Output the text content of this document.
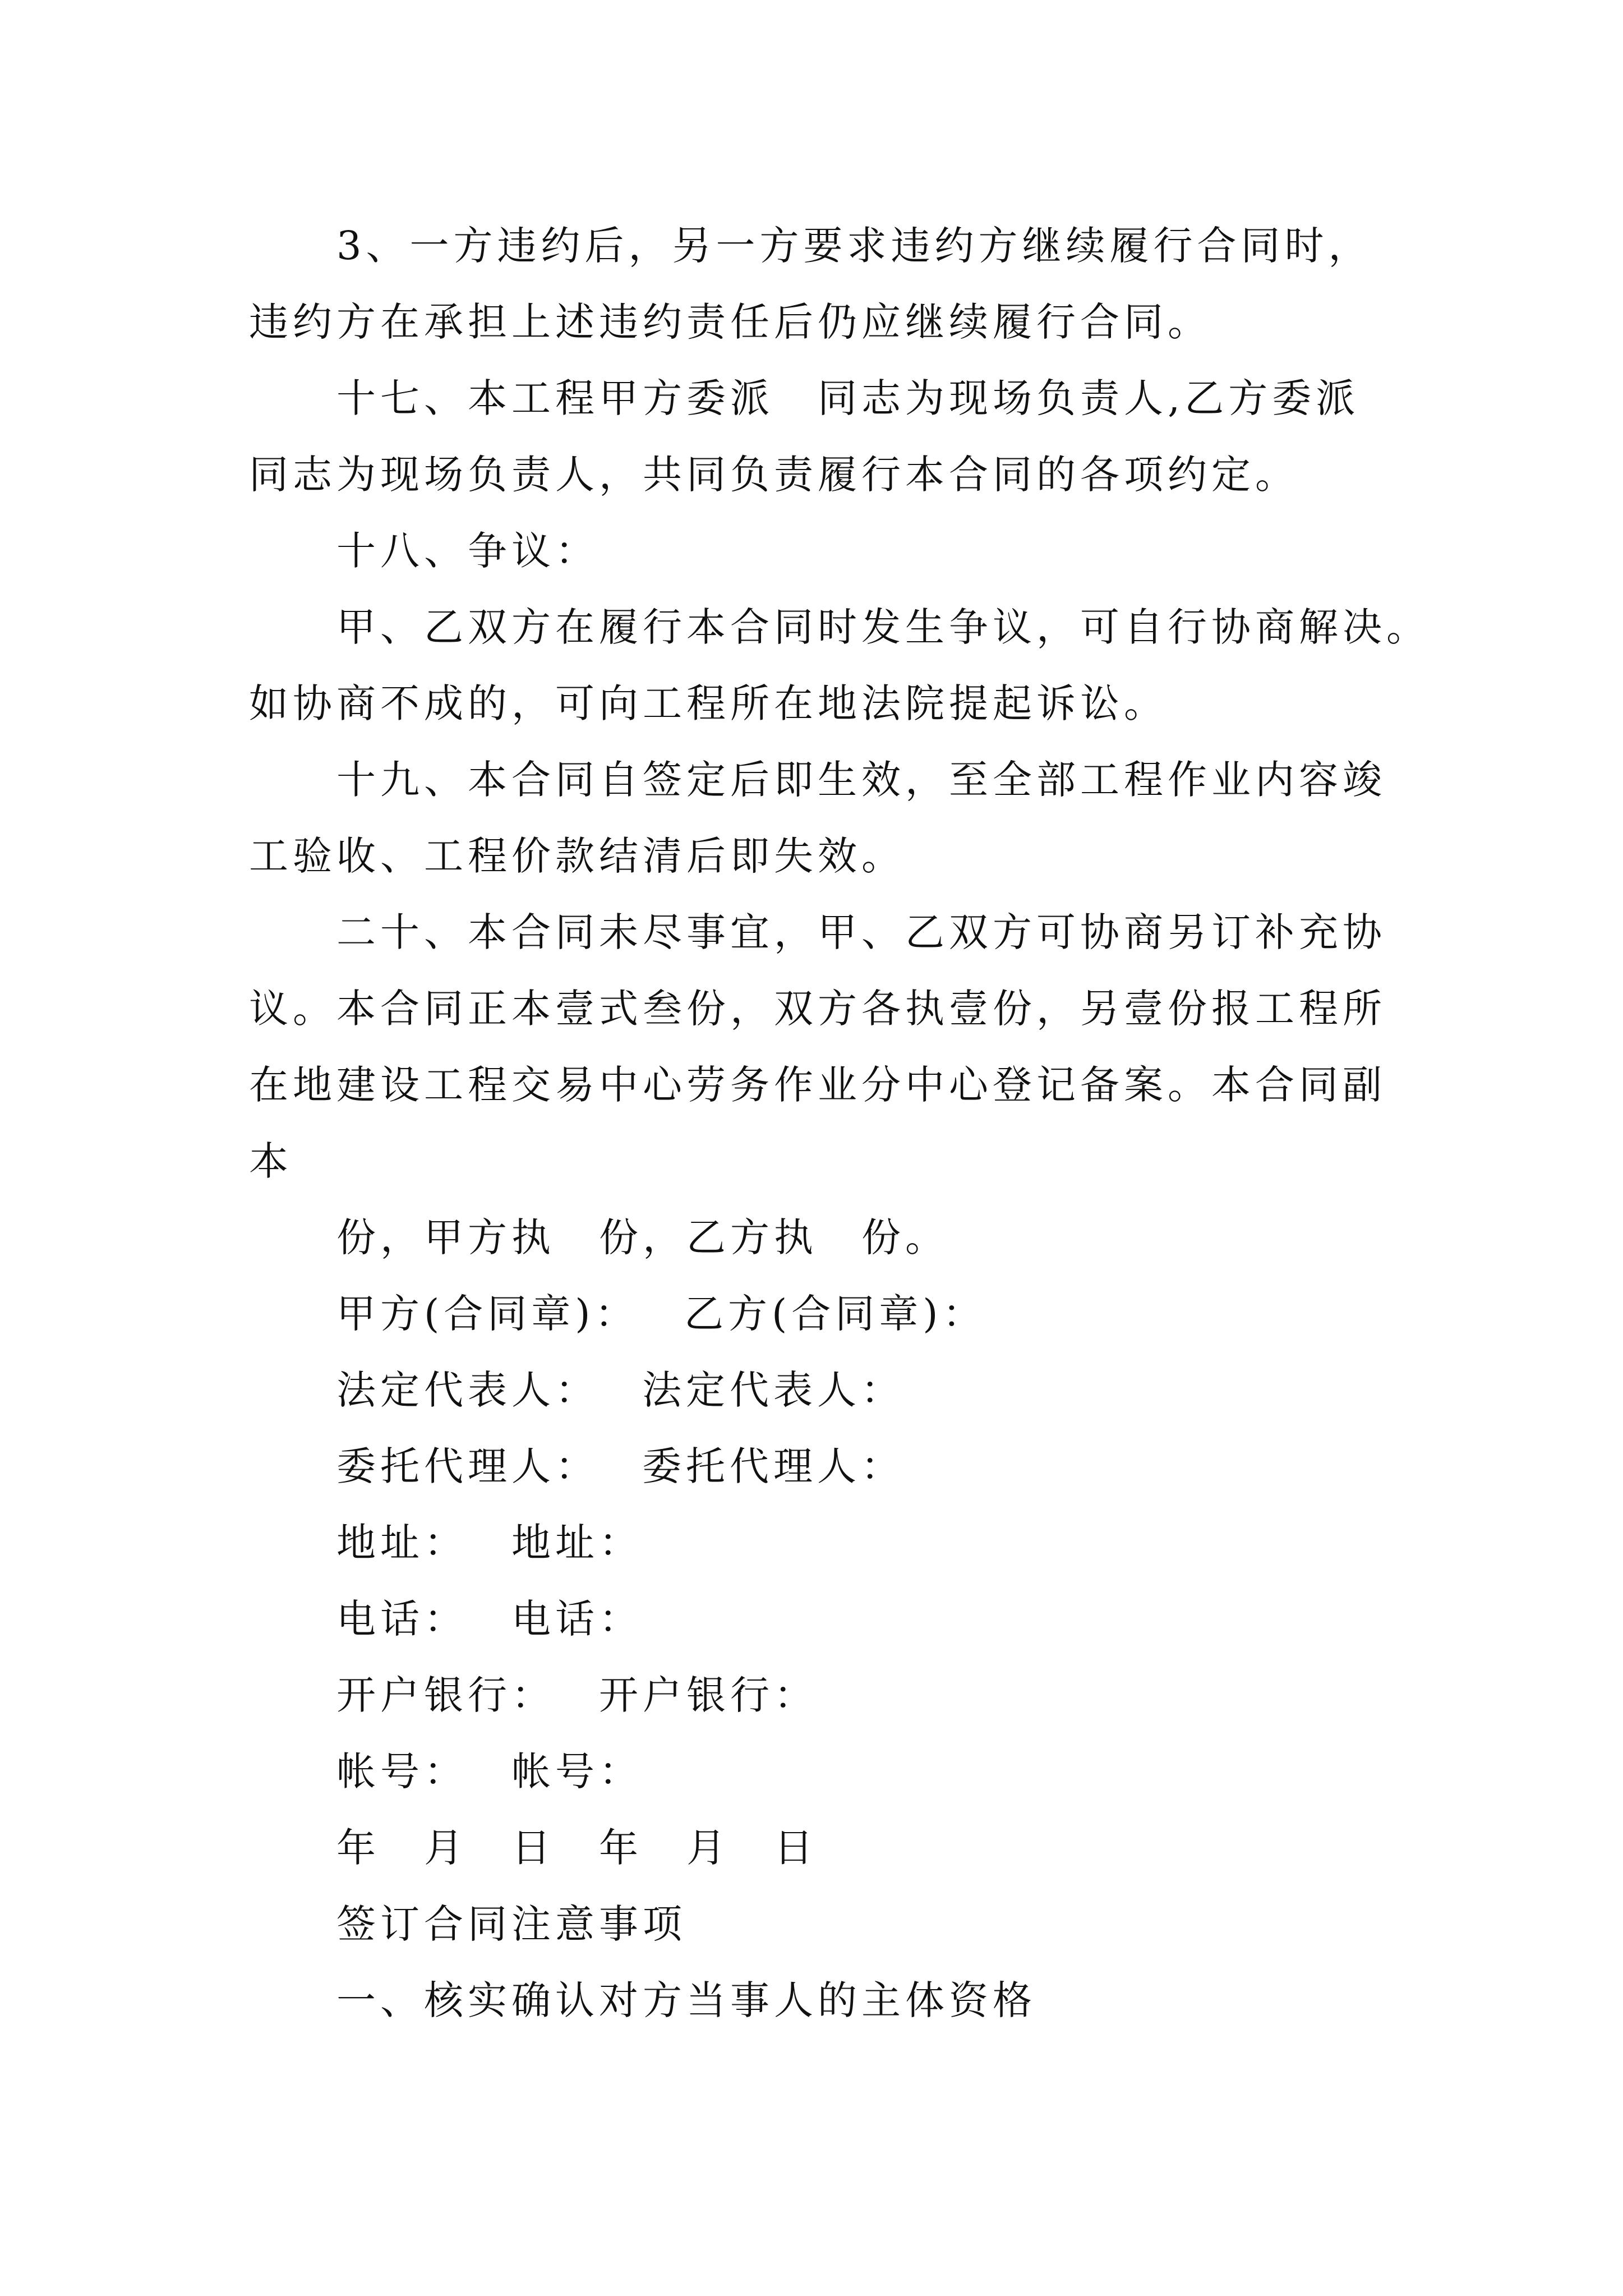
3、一方违约后，另一方要求违约方继续履行合同时，
违约方在承担上述违约责任后仍应继续履行合同。
十七、本工程甲方委派　同志为现场负责人,乙方委派
同志为现场负责人，共同负责履行本合同的各项约定。
十八、争议：
甲、乙双方在履行本合同时发生争议，可自行协商解决。
如协商不成的，可向工程所在地法院提起诉讼。
十九、本合同自签定后即生效，至全部工程作业内容竣
工验收、工程价款结清后即失效。
二十、本合同未尽事宜，甲、乙双方可协商另订补充协
议。本合同正本壹式叁份，双方各执壹份，另壹份报工程所
在地建设工程交易中心劳务作业分中心登记备案。本合同副
本
份，甲方执　份，乙方执　份。
甲方(合同章)： 乙方(合同章)：
法定代表人： 法定代表人：
委托代理人： 委托代理人：
地址： 地址：
电话： 电话：
开户银行： 开户银行：
帐号： 帐号：
年 月 日 年 月 日
签订合同注意事项
一、核实确认对方当事人的主体资格
